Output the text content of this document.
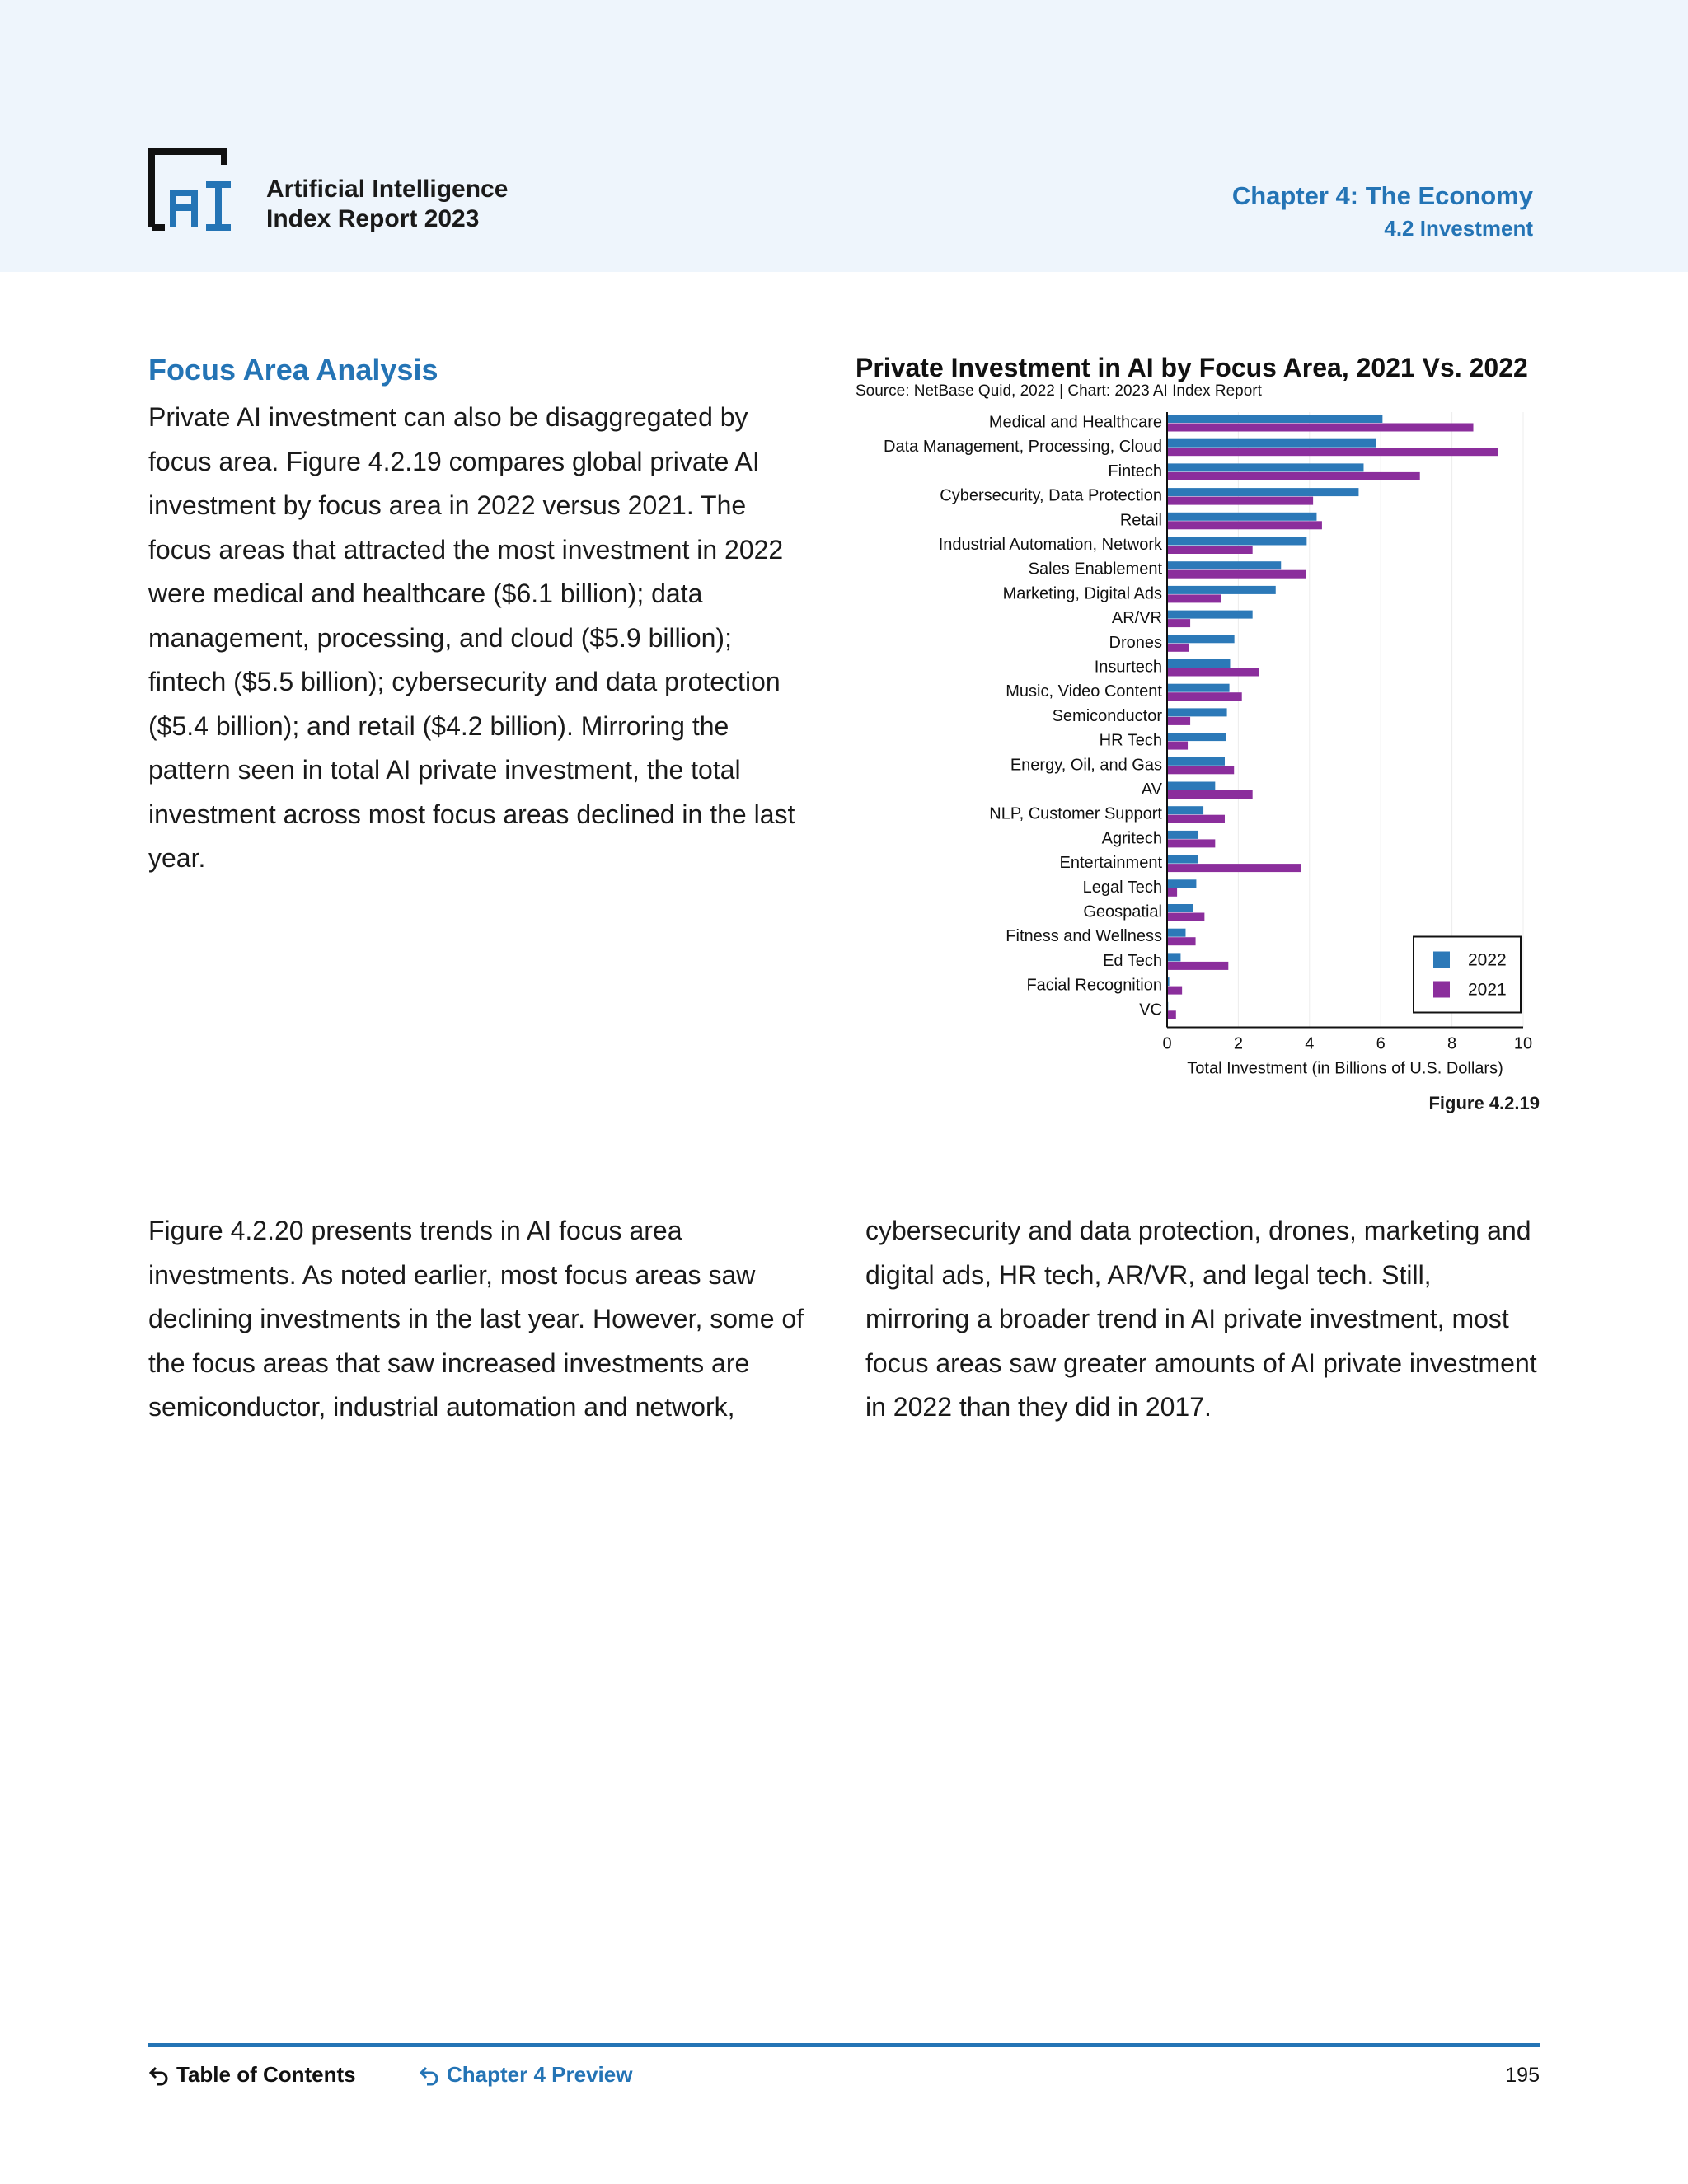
Artificial Intelligence
Index Report 2023
Chapter 4: The Economy
4.2 Investment
Focus Area Analysis

Private AI investment can also be disaggregated by focus area. Figure 4.2.19 compares global private AI investment by focus area in 2022 versus 2021. The focus areas that attracted the most investment in 2022 were medical and healthcare ($6.1 billion); data management, processing, and cloud ($5.9 billion); fintech ($5.5 billion); cybersecurity and data protection ($5.4 billion); and retail ($4.2 billion). Mirroring the pattern seen in total AI private investment, the total investment across most focus areas declined in the last year.

Private Investment in AI by Focus Area, 2021 Vs. 2022
Source: NetBase Quid, 2022 | Chart: 2023 AI Index Report
Medical and Healthcare
Data Management, Processing, Cloud
Fintech
Cybersecurity, Data Protection
Retail
Industrial Automation, Network
Sales Enablement
Marketing, Digital Ads
AR/VR
Drones
Insurtech
Music, Video Content
Semiconductor
HR Tech
Energy, Oil, and Gas
AV
NLP, Customer Support
Agritech
Entertainment
Legal Tech
Geospatial
Fitness and Wellness
Ed Tech
Facial Recognition
VC
0	2	4	6	8	10
Total Investment (in Billions of U.S. Dollars)
2022
2021
Figure 4.2.19

Figure 4.2.20 presents trends in AI focus area investments. As noted earlier, most focus areas saw declining investments in the last year. However, some of the focus areas that saw increased investments are semiconductor, industrial automation and network,

cybersecurity and data protection, drones, marketing and digital ads, HR tech, AR/VR, and legal tech. Still, mirroring a broader trend in AI private investment, most focus areas saw greater amounts of AI private investment in 2022 than they did in 2017.

Table of Contents	Chapter 4 Preview	195
